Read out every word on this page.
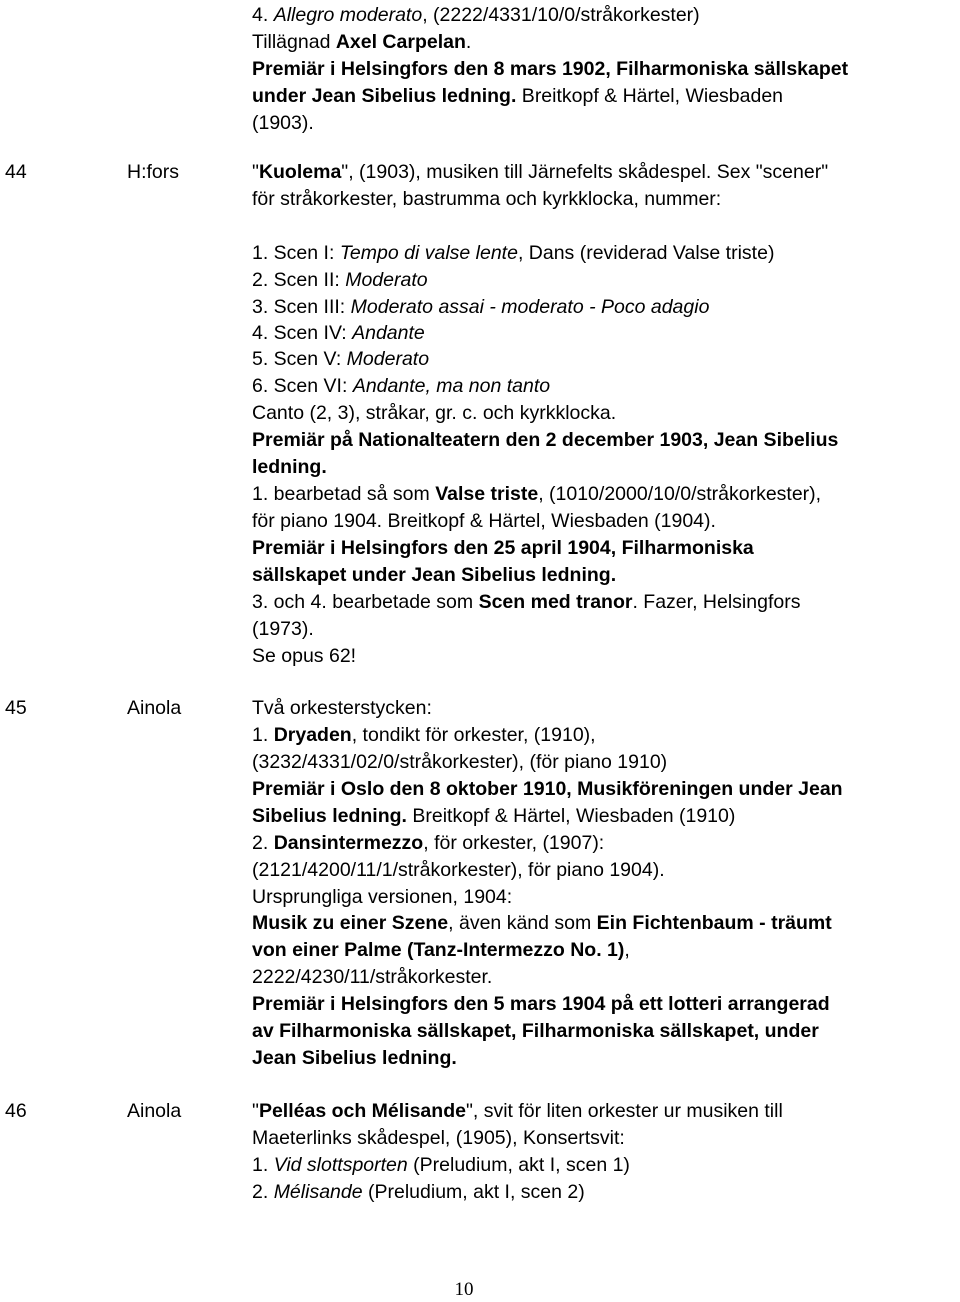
4. Allegro moderato, (2222/4331/10/0/stråkorkester)

Tillägnad Axel Carpelan.

Premiär i Helsingfors den 8 mars 1902, Filharmoniska sällskapet

under Jean Sibelius ledning. Breitkopf & Härtel, Wiesbaden

(1903).

44	H:fors	"Kuolema", (1903), musiken till Järnefelts skådespel. Sex "scener"

för stråkorkester, bastrumma och kyrkklocka, nummer:

1. Scen I: Tempo di valse lente, Dans (reviderad Valse triste)

2. Scen II: Moderato

3. Scen III: Moderato assai - moderato - Poco adagio

4. Scen IV: Andante

5. Scen V: Moderato

6. Scen VI: Andante, ma non tanto

Canto (2, 3), stråkar, gr. c. och kyrkklocka.

Premiär på Nationalteatern den 2 december 1903, Jean Sibelius

ledning.

1. bearbetad så som Valse triste, (1010/2000/10/0/stråkorkester),

för piano 1904. Breitkopf & Härtel, Wiesbaden (1904).

Premiär i Helsingfors den 25 april 1904, Filharmoniska

sällskapet under Jean Sibelius ledning.

3. och 4. bearbetade som Scen med tranor. Fazer, Helsingfors

(1973).

Se opus 62!

45	Ainola	Två orkesterstycken:

1. Dryaden, tondikt för orkester, (1910),

(3232/4331/02/0/stråkorkester), (för piano 1910)

Premiär i Oslo den 8 oktober 1910, Musikföreningen under Jean

Sibelius ledning. Breitkopf & Härtel, Wiesbaden (1910)

2. Dansintermezzo, för orkester, (1907):

(2121/4200/11/1/stråkorkester), för piano 1904).

Ursprungliga versionen, 1904:

Musik zu einer Szene, även känd som Ein Fichtenbaum - träumt

von einer Palme (Tanz-Intermezzo No. 1),

2222/4230/11/stråkorkester.

Premiär i Helsingfors den 5 mars 1904 på ett lotteri arrangerad

av Filharmoniska sällskapet, Filharmoniska sällskapet, under

Jean Sibelius ledning.

46	Ainola	"Pelléas och Mélisande", svit för liten orkester ur musiken till

Maeterlinks skådespel, (1905), Konsertsvit:

1. Vid slottsporten (Preludium, akt I, scen 1)

2. Mélisande (Preludium, akt I, scen 2)

10
